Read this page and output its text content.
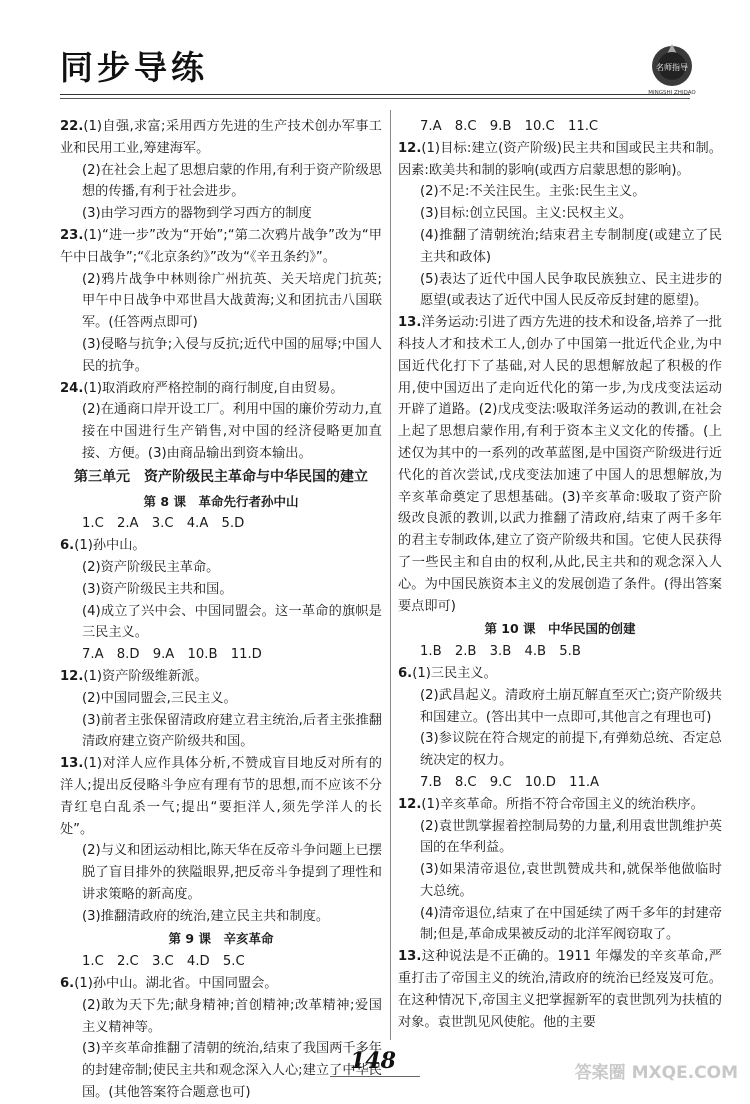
同步导练	名师指导
MINGSHI ZHIDAO

22.(1)自强,求富;采用西方先进的生产技术创办军事工业和民用工业,筹建海军。

(2)在社会上起了思想启蒙的作用,有利于资产阶级思想的传播,有利于社会进步。

(3)由学习西方的器物到学习西方的制度

23.(1)“进一步”改为“开始”;“第二次鸦片战争”改为“甲午中日战争”;“《北京条约》”改为“《辛丑条约》”。

(2)鸦片战争中林则徐广州抗英、关天培虎门抗英;甲午中日战争中邓世昌大战黄海;义和团抗击八国联军。(任答两点即可)

(3)侵略与抗争;入侵与反抗;近代中国的屈辱;中国人民的抗争。

24.(1)取消政府严格控制的商行制度,自由贸易。

(2)在通商口岸开设工厂。利用中国的廉价劳动力,直接在中国进行生产销售,对中国的经济侵略更加直接、方便。(3)由商品输出到资本输出。

第三单元　资产阶级民主革命与中华民国的建立
第 8 课　革命先行者孙中山

1.C　2.A　3.C　4.A　5.D

6.(1)孙中山。

(2)资产阶级民主革命。

(3)资产阶级民主共和国。

(4)成立了兴中会、中国同盟会。这一革命的旗帜是三民主义。

7.A　8.D　9.A　10.B　11.D

12.(1)资产阶级维新派。

(2)中国同盟会,三民主义。

(3)前者主张保留清政府建立君主统治,后者主张推翻清政府建立资产阶级共和国。

13.(1)对洋人应作具体分析,不赞成盲目地反对所有的洋人;提出反侵略斗争应有理有节的思想,而不应该不分青红皂白乱杀一气;提出“要拒洋人,须先学洋人的长处”。

(2)与义和团运动相比,陈天华在反帝斗争问题上已摆脱了盲目排外的狭隘眼界,把反帝斗争提到了理性和讲求策略的新高度。

(3)推翻清政府的统治,建立民主共和制度。

第 9 课　辛亥革命

1.C　2.C　3.C　4.D　5.C

6.(1)孙中山。湖北省。中国同盟会。

(2)敢为天下先;献身精神;首创精神;改革精神;爱国主义精神等。

(3)辛亥革命推翻了清朝的统治,结束了我国两千多年的封建帝制;使民主共和观念深入人心;建立了中华民国。(其他答案符合题意也可)

7.A　8.C　9.B　10.C　11.C

12.(1)目标:建立(资产阶级)民主共和国或民主共和制。因素:欧美共和制的影响(或西方启蒙思想的影响)。

(2)不足:不关注民生。主张:民生主义。

(3)目标:创立民国。主义:民权主义。

(4)推翻了清朝统治;结束君主专制制度(或建立了民主共和政体)

(5)表达了近代中国人民争取民族独立、民主进步的愿望(或表达了近代中国人民反帝反封建的愿望)。

13.洋务运动:引进了西方先进的技术和设备,培养了一批科技人才和技术工人,创办了中国第一批近代企业,为中国近代化打下了基础,对人民的思想解放起了积极的作用,使中国迈出了走向近代化的第一步,为戊戌变法运动开辟了道路。(2)戊戌变法:吸取洋务运动的教训,在社会上起了思想启蒙作用,有利于资本主义文化的传播。(上述仅为其中的一系列的改革蓝图,是中国资产阶级进行近代化的首次尝试,戊戌变法加速了中国人的思想解放,为辛亥革命奠定了思想基础。(3)辛亥革命:吸取了资产阶级改良派的教训,以武力推翻了清政府,结束了两千多年的君主专制政体,建立了资产阶级共和国。它使人民获得了一些民主和自由的权利,从此,民主共和的观念深入人心。为中国民族资本主义的发展创造了条件。(得出答案要点即可)

第 10 课　中华民国的创建

1.B　2.B　3.B　4.B　5.B

6.(1)三民主义。

(2)武昌起义。清政府土崩瓦解直至灭亡;资产阶级共和国建立。(答出其中一点即可,其他言之有理也可)

(3)参议院在符合规定的前提下,有弹劾总统、否定总统决定的权力。

7.B　8.C　9.C　10.D　11.A

12.(1)辛亥革命。所指不符合帝国主义的统治秩序。

(2)袁世凯掌握着控制局势的力量,利用袁世凯维护英国的在华利益。

(3)如果清帝退位,袁世凯赞成共和,就保举他做临时大总统。

(4)清帝退位,结束了在中国延续了两千多年的封建帝制;但是,革命成果被反动的北洋军阀窃取了。

13.这种说法是不正确的。1911 年爆发的辛亥革命,严重打击了帝国主义的统治,清政府的统治已经岌岌可危。在这种情况下,帝国主义把掌握新军的袁世凯列为扶植的对象。袁世凯见风使舵。他的主要

148	答案圈 MXQE.COM
